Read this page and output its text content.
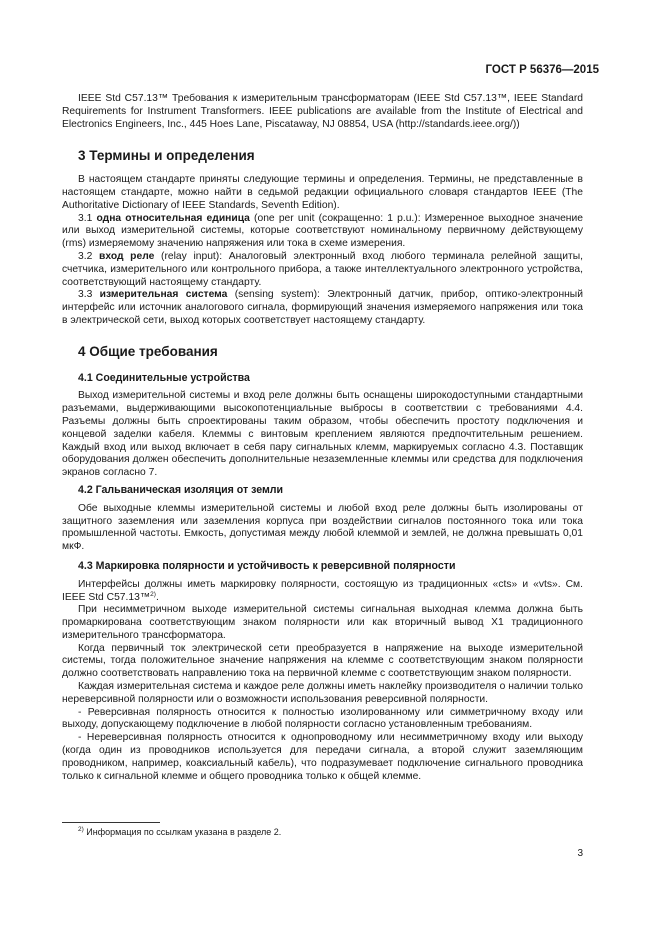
ГОСТ Р 56376—2015

IEEE Std C57.13™ Требования к измерительным трансформаторам (IEEE Std C57.13™, IEEE Standard Requirements for Instrument Transformers. IEEE publications are available from the Institute of Electrical and Electronics Engineers, Inc., 445 Hoes Lane, Piscataway, NJ 08854, USA (http://standards.ieee.org/))

3 Термины и определения

В настоящем стандарте приняты следующие термины и определения. Термины, не представленные в настоящем стандарте, можно найти в седьмой редакции официального словаря стандартов IEEE (The Authoritative Dictionary of IEEE Standards, Seventh Edition).

3.1 одна относительная единица (one per unit (сокращенно: 1 p.u.): Измеренное выходное значение или выход измерительной системы, которые соответствуют номинальному первичному действующему (rms) измеряемому значению напряжения или тока в схеме измерения.

3.2 вход реле (relay input): Аналоговый электронный вход любого терминала релейной защиты, счетчика, измерительного или контрольного прибора, а также интеллектуального электронного устройства, соответствующий настоящему стандарту.

3.3 измерительная система (sensing system): Электронный датчик, прибор, оптико-электронный интерфейс или источник аналогового сигнала, формирующий значения измеряемого напряжения или тока в электрической сети, выход которых соответствует настоящему стандарту.

4 Общие требования
4.1 Соединительные устройства

Выход измерительной системы и вход реле должны быть оснащены широкодоступными стандартными разъемами, выдерживающими высокопотенциальные выбросы в соответствии с требованиями 4.4. Разъемы должны быть спроектированы таким образом, чтобы обеспечить простоту подключения и концевой заделки кабеля. Клеммы с винтовым креплением являются предпочтительным решением. Каждый вход или выход включает в себя пару сигнальных клемм, маркируемых согласно 4.3. Поставщик оборудования должен обеспечить дополнительные незаземленные клеммы или средства для подключения экранов согласно 7.

4.2 Гальваническая изоляция от земли

Обе выходные клеммы измерительной системы и любой вход реле должны быть изолированы от защитного заземления или заземления корпуса при воздействии сигналов постоянного тока или тока промышленной частоты. Емкость, допустимая между любой клеммой и землей, не должна превышать 0,01 мкФ.

4.3 Маркировка полярности и устойчивость к реверсивной полярности

Интерфейсы должны иметь маркировку полярности, состоящую из традиционных «cts» и «vts». См. IEEE Std C57.13™$^{2)}$.

При несимметричном выходе измерительной системы сигнальная выходная клемма должна быть промаркирована соответствующим знаком полярности или как вторичный вывод X1 традиционного измерительного трансформатора.

Когда первичный ток электрической сети преобразуется в напряжение на выходе измерительной системы, тогда положительное значение напряжения на клемме с соответствующим знаком полярности должно соответствовать направлению тока на первичной клемме с соответствующим знаком полярности.

Каждая измерительная система и каждое реле должны иметь наклейку производителя о наличии только нереверсивной полярности или о возможности использования реверсивной полярности.

- Реверсивная полярность относится к полностью изолированному или симметричному входу или выходу, допускающему подключение в любой полярности согласно установленным требованиям.

- Нереверсивная полярность относится к однопроводному или несимметричному входу или выходу (когда один из проводников используется для передачи сигнала, а второй служит заземляющим проводником, например, коаксиальный кабель), что подразумевает подключение сигнального проводника только к сигнальной клемме и общего проводника только к общей клемме.

$^{2)}$ Информация по ссылкам указана в разделе 2.
3
